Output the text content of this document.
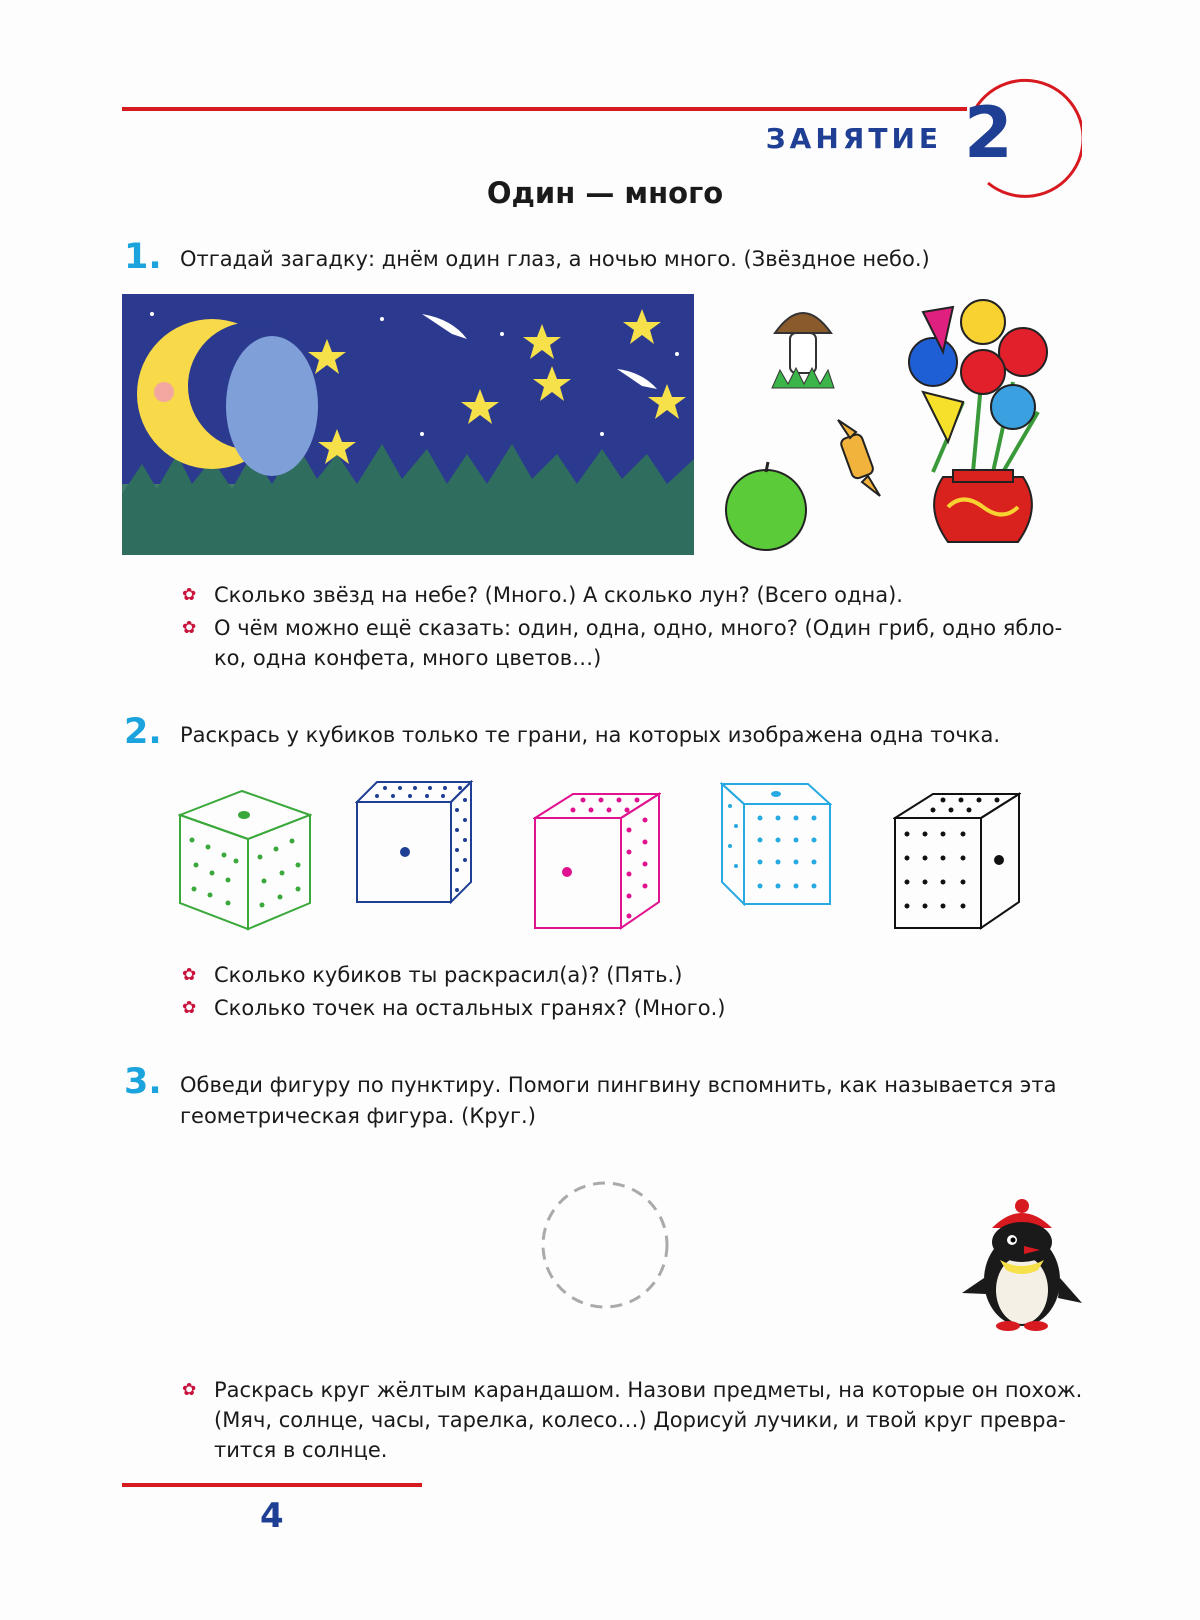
ЗАНЯТИЕ 2
Один — много
1. Отгадай загадку: днём один глаз, а ночью много. (Звёздное небо.)
✿ Сколько звёзд на небе? (Много.) А сколько лун? (Всего одна).
✿ О чём можно ещё сказать: один, одна, одно, много? (Один гриб, одно ябло-
ко, одна конфета, много цветов…)
2. Раскрась у кубиков только те грани, на которых изображена одна точка.
✿ Сколько кубиков ты раскрасил(а)? (Пять.)
✿ Сколько точек на остальных гранях? (Много.)
3. Обведи фигуру по пунктиру. Помоги пингвину вспомнить, как называется эта
геометрическая фигура. (Круг.)
✿ Раскрась круг жёлтым карандашом. Назови предметы, на которые он похож.
(Мяч, солнце, часы, тарелка, колесо…) Дорисуй лучики, и твой круг превра-
тится в солнце.
4
